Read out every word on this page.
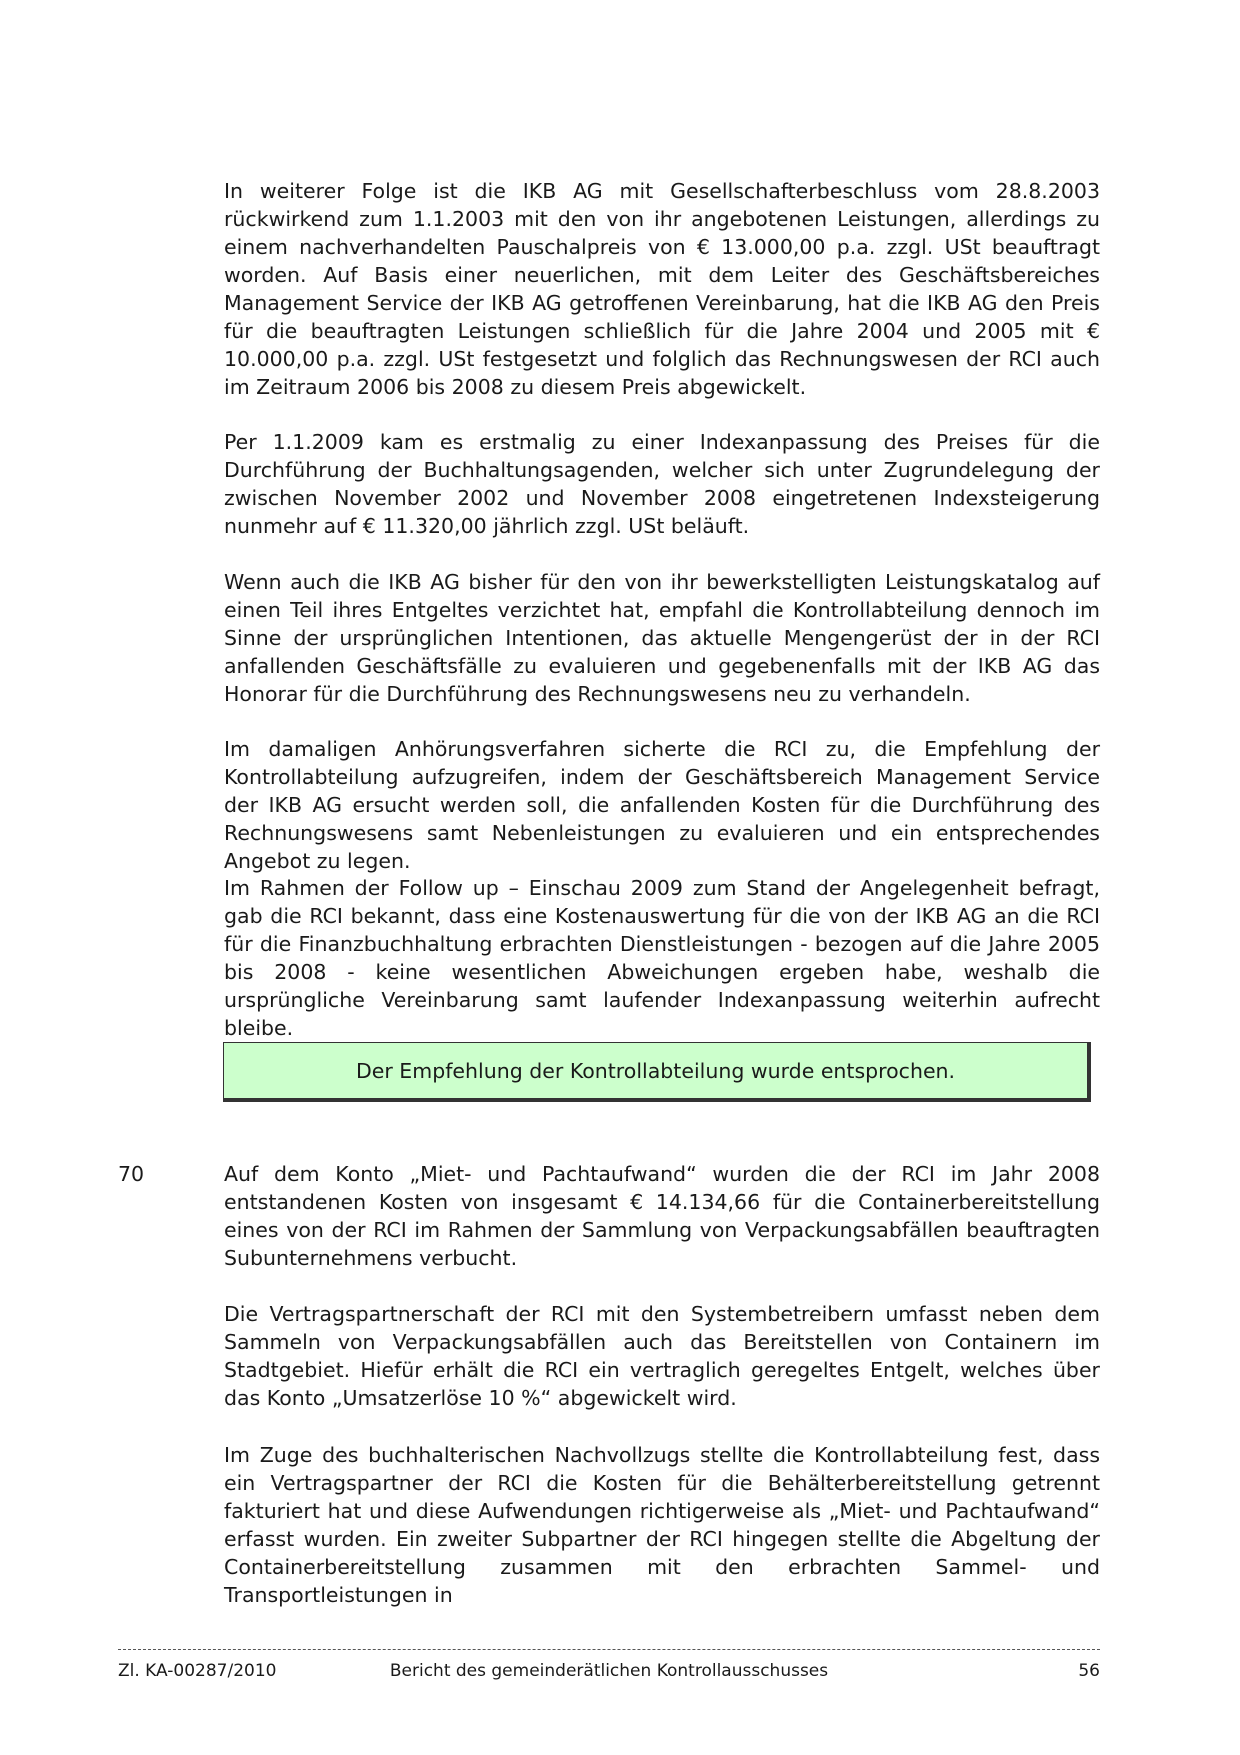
In weiterer Folge ist die IKB AG mit Gesellschafterbeschluss vom 28.8.2003 rückwirkend zum 1.1.2003 mit den von ihr angebotenen Leistungen, allerdings zu einem nachverhandelten Pauschalpreis von € 13.000,00 p.a. zzgl. USt beauftragt worden. Auf Basis einer neuerlichen, mit dem Leiter des Geschäftsbereiches Management Service der IKB AG getroffenen Vereinbarung, hat die IKB AG den Preis für die beauftragten Leistungen schließlich für die Jahre 2004 und 2005 mit € 10.000,00 p.a. zzgl. USt festgesetzt und folglich das Rechnungswesen der RCI auch im Zeitraum 2006 bis 2008 zu diesem Preis abgewickelt.

Per 1.1.2009 kam es erstmalig zu einer Indexanpassung des Preises für die Durchführung der Buchhaltungsagenden, welcher sich unter Zugrundelegung der zwischen November 2002 und November 2008 eingetretenen Indexsteigerung nunmehr auf € 11.320,00 jährlich zzgl. USt beläuft.

Wenn auch die IKB AG bisher für den von ihr bewerkstelligten Leistungskatalog auf einen Teil ihres Entgeltes verzichtet hat, empfahl die Kontrollabteilung dennoch im Sinne der ursprünglichen Intentionen, das aktuelle Mengengerüst der in der RCI anfallenden Geschäftsfälle zu evaluieren und gegebenenfalls mit der IKB AG das Honorar für die Durchführung des Rechnungswesens neu zu verhandeln.

Im damaligen Anhörungsverfahren sicherte die RCI zu, die Empfehlung der Kontrollabteilung aufzugreifen, indem der Geschäftsbereich Management Service der IKB AG ersucht werden soll, die anfallenden Kosten für die Durchführung des Rechnungswesens samt Nebenleistungen zu evaluieren und ein entsprechendes Angebot zu legen.

Im Rahmen der Follow up – Einschau 2009 zum Stand der Angelegenheit befragt, gab die RCI bekannt, dass eine Kostenauswertung für die von der IKB AG an die RCI für die Finanzbuchhaltung erbrachten Dienstleistungen - bezogen auf die Jahre 2005 bis 2008 - keine wesentlichen Abweichungen ergeben habe, weshalb die ursprüngliche Vereinbarung samt laufender Indexanpassung weiterhin aufrecht bleibe.

Der Empfehlung der Kontrollabteilung wurde entsprochen.
70	Auf dem Konto „Miet- und Pachtaufwand“ wurden die der RCI im Jahr 2008 entstandenen Kosten von insgesamt € 14.134,66 für die Containerbereitstellung eines von der RCI im Rahmen der Sammlung von Verpackungsabfällen beauftragten Subunternehmens verbucht.

Die Vertragspartnerschaft der RCI mit den Systembetreibern umfasst neben dem Sammeln von Verpackungsabfällen auch das Bereitstellen von Containern im Stadtgebiet. Hiefür erhält die RCI ein vertraglich geregeltes Entgelt, welches über das Konto „Umsatzerlöse 10 %“ abgewickelt wird.

Im Zuge des buchhalterischen Nachvollzugs stellte die Kontrollabteilung fest, dass ein Vertragspartner der RCI die Kosten für die Behälterbereitstellung getrennt fakturiert hat und diese Aufwendungen richtigerweise als „Miet- und Pachtaufwand“ erfasst wurden. Ein zweiter Subpartner der RCI hingegen stellte die Abgeltung der Containerbereitstellung zusammen mit den erbrachten Sammel- und Transportleistungen in

Zl. KA-00287/2010	Bericht des gemeinderätlichen Kontrollausschusses	56
